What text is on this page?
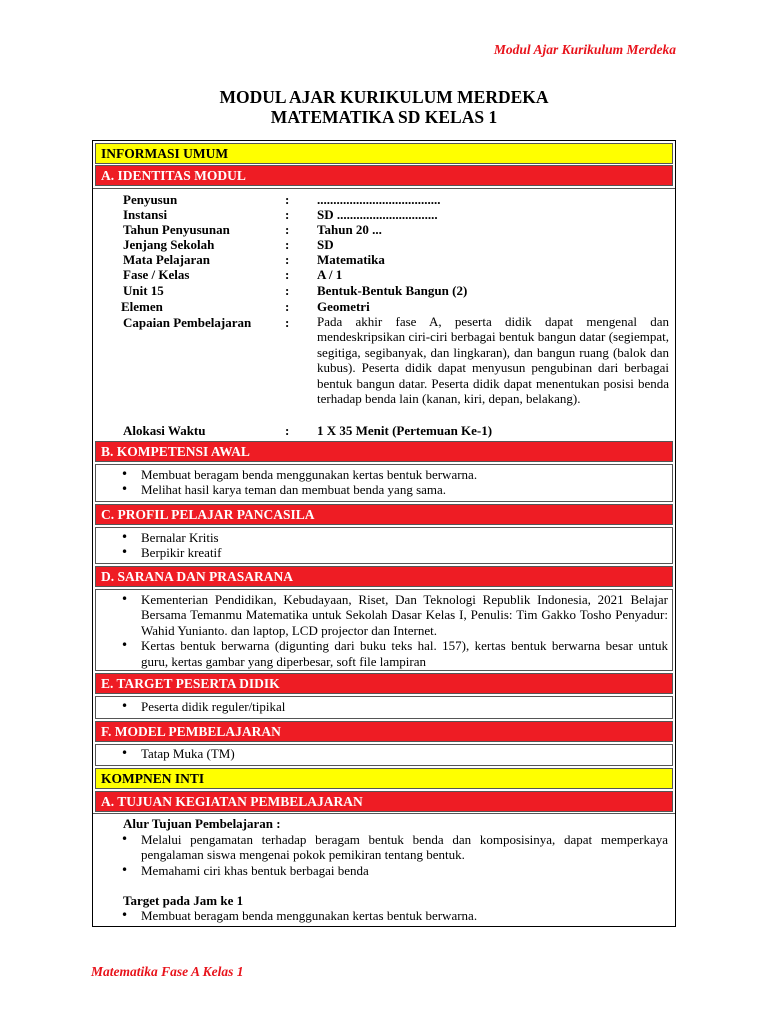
Modul Ajar Kurikulum Merdeka
MODUL AJAR KURIKULUM MERDEKA
MATEMATIKA SD KELAS 1
INFORMASI UMUM
A. IDENTITAS MODUL
Penyusun	: ......................................
Instansi	: SD ...............................
Tahun Penyusunan	: Tahun 20 ...
Jenjang Sekolah	: SD
Mata Pelajaran	: Matematika
Fase / Kelas	: A / 1
Unit 15	: Bentuk-Bentuk Bangun (2)
Elemen	: Geometri
Capaian Pembelajaran	: Pada akhir fase A, peserta didik dapat mengenal dan mendeskripsikan ciri-ciri berbagai bentuk bangun datar (segiempat, segitiga, segibanyak, dan lingkaran), dan bangun ruang (balok dan kubus). Peserta didik dapat menyusun pengubinan dari berbagai bentuk bangun datar. Peserta didik dapat menentukan posisi benda terhadap benda lain (kanan, kiri, depan, belakang).
Alokasi Waktu	: 1 X 35 Menit (Pertemuan Ke-1)
B. KOMPETENSI AWAL
• Membuat beragam benda menggunakan kertas bentuk berwarna.
• Melihat hasil karya teman dan membuat benda yang sama.
C. PROFIL PELAJAR PANCASILA
• Bernalar Kritis
• Berpikir kreatif
D. SARANA DAN PRASARANA
• Kementerian Pendidikan, Kebudayaan, Riset, Dan Teknologi Republik Indonesia, 2021 Belajar Bersama Temanmu Matematika untuk Sekolah Dasar Kelas I, Penulis: Tim Gakko Tosho Penyadur: Wahid Yunianto. dan laptop, LCD projector dan Internet.
• Kertas bentuk berwarna (digunting dari buku teks hal. 157), kertas bentuk berwarna besar untuk guru, kertas gambar yang diperbesar, soft file lampiran
E. TARGET PESERTA DIDIK
• Peserta didik reguler/tipikal
F. MODEL PEMBELAJARAN
• Tatap Muka (TM)
KOMPNEN INTI
A. TUJUAN KEGIATAN PEMBELAJARAN
Alur Tujuan Pembelajaran :
• Melalui pengamatan terhadap beragam bentuk benda dan komposisinya, dapat memperkaya pengalaman siswa mengenai pokok pemikiran tentang bentuk.
• Memahami ciri khas bentuk berbagai benda
Target pada Jam ke 1
• Membuat beragam benda menggunakan kertas bentuk berwarna.
Matematika Fase A Kelas 1
